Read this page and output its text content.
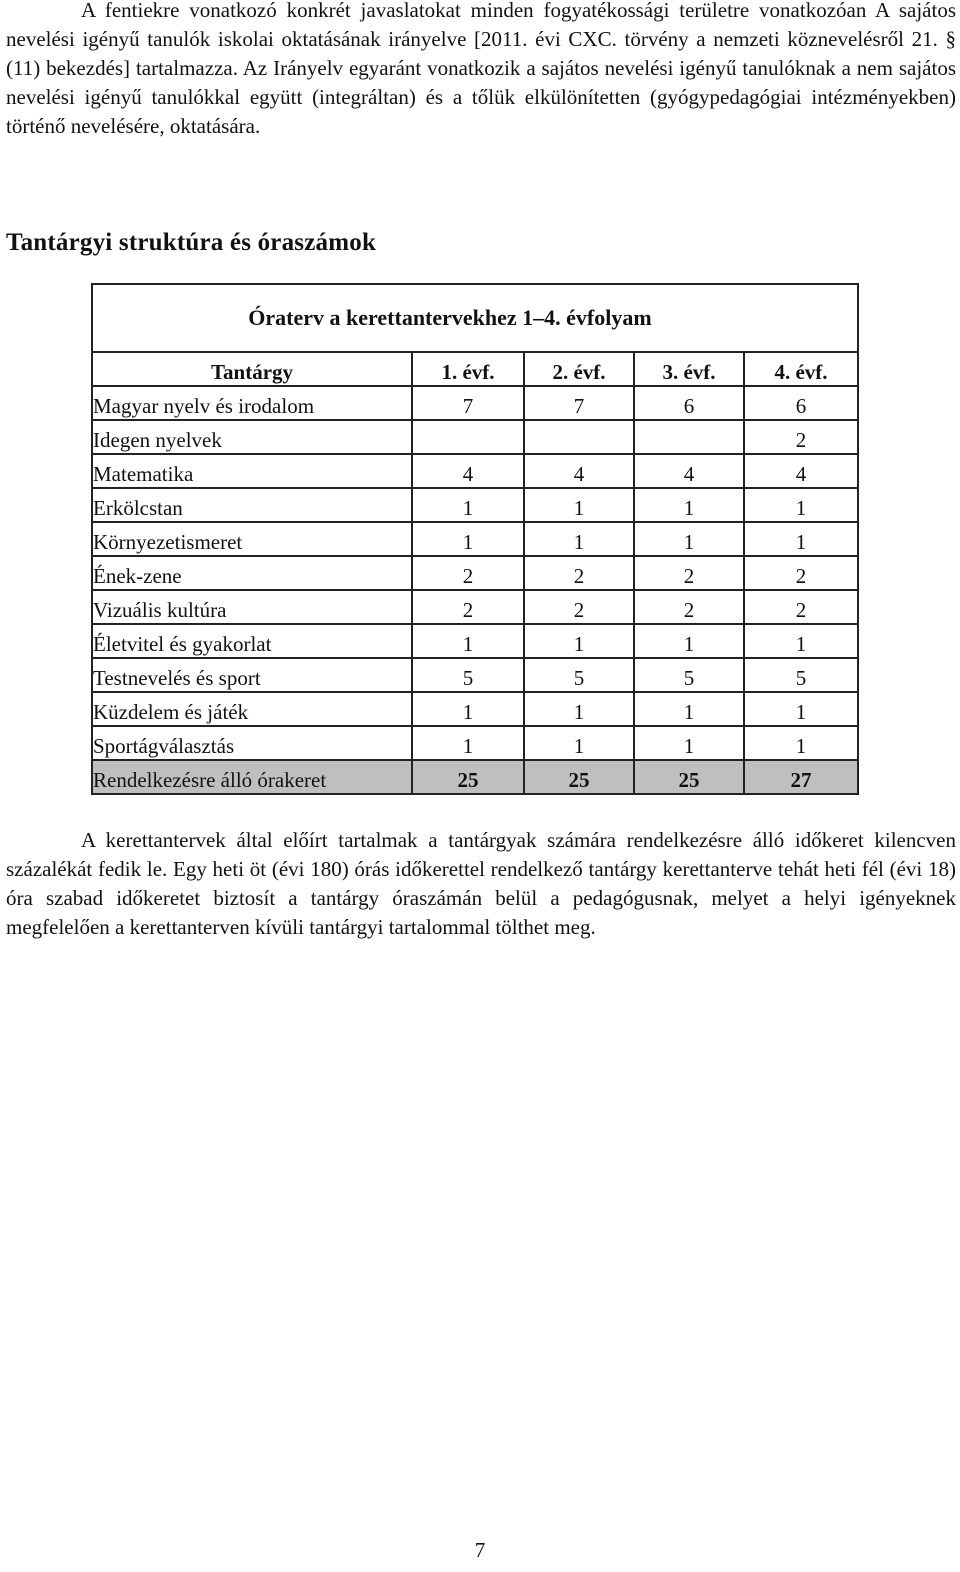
A fentiekre vonatkozó konkrét javaslatokat minden fogyatékossági területre vonatkozóan A sajátos nevelési igényű tanulók iskolai oktatásának irányelve [2011. évi CXC. törvény a nemzeti köznevelésről 21. § (11) bekezdés] tartalmazza. Az Irányelv egyaránt vonatkozik a sajátos nevelési igényű tanulóknak a nem sajátos nevelési igényű tanulókkal együtt (integráltan) és a tőlük elkülönítetten (gyógypedagógiai intézményekben) történő nevelésére, oktatására.

Tantárgyi struktúra és óraszámok
Óraterv a kerettantervekhez 1–4. évfolyam				
Tantárgy	1. évf.	2. évf.	3. évf.	4. évf.
Magyar nyelv és irodalom	7	7	6	6
Idegen nyelvek				2
Matematika	4	4	4	4
Erkölcstan	1	1	1	1
Környezetismeret	1	1	1	1
Ének-zene	2	2	2	2
Vizuális kultúra	2	2	2	2
Életvitel és gyakorlat	1	1	1	1
Testnevelés és sport	5	5	5	5
Küzdelem és játék	1	1	1	1
Sportágválasztás	1	1	1	1
Rendelkezésre álló órakeret	25	25	25	27

A kerettantervek által előírt tartalmak a tantárgyak számára rendelkezésre álló időkeret kilencven százalékát fedik le. Egy heti öt (évi 180) órás időkerettel rendelkező tantárgy kerettanterve tehát heti fél (évi 18) óra szabad időkeretet biztosít a tantárgy óraszámán belül a pedagógusnak, melyet a helyi igényeknek megfelelően a kerettanterven kívüli tantárgyi tartalommal tölthet meg.

7
